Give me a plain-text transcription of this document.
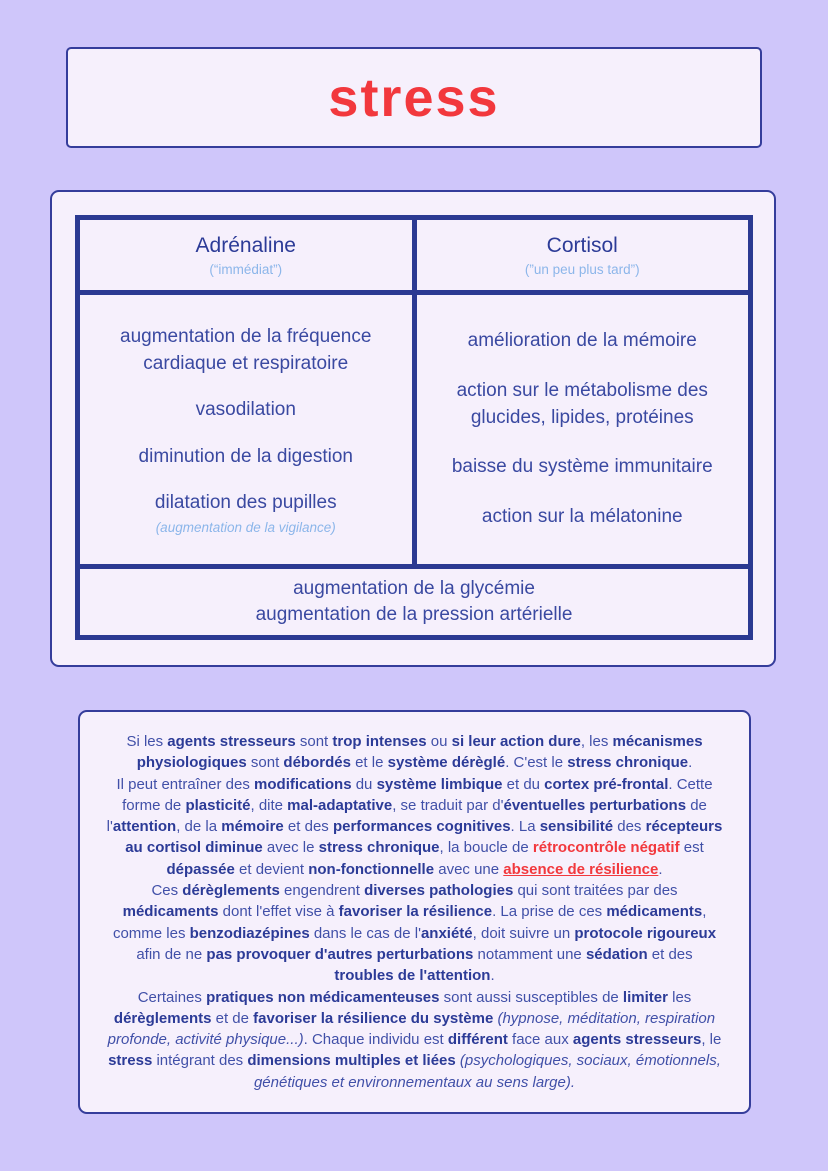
stress
Adrénaline
(“immédiat”)
Cortisol
(”un peu plus tard”)
augmentation de la fréquence cardiaque et respiratoire
vasodilation
diminution de la digestion
dilatation des pupilles
(augmentation de la vigilance)
amélioration de la mémoire
action sur le métabolisme des glucides, lipides, protéines
baisse du système immunitaire
action sur la mélatonine
augmentation de la glycémie
augmentation de la pression artérielle

Si les agents stresseurs sont trop intenses ou si leur action dure, les mécanismes physiologiques sont débordés et le système dérèglé. C'est le stress chronique.

Il peut entraîner des modifications du système limbique et du cortex pré-frontal. Cette forme de plasticité, dite mal-adaptative, se traduit par d'éventuelles perturbations de l'attention, de la mémoire et des performances cognitives. La sensibilité des récepteurs au cortisol diminue avec le stress chronique, la boucle de rétrocontrôle négatif est dépassée et devient non-fonctionnelle avec une absence de résilience.

Ces dérèglements engendrent diverses pathologies qui sont traitées par des médicaments dont l'effet vise à favoriser la résilience. La prise de ces médicaments, comme les benzodiazépines dans le cas de l'anxiété, doit suivre un protocole rigoureux afin de ne pas provoquer d'autres perturbations notamment une sédation et des troubles de l'attention.

Certaines pratiques non médicamenteuses sont aussi susceptibles de limiter les dérèglements et de favoriser la résilience du système (hypnose, méditation, respiration profonde, activité physique...). Chaque individu est différent face aux agents stresseurs, le stress intégrant des dimensions multiples et liées (psychologiques, sociaux, émotionnels, génétiques et environnementaux au sens large).
